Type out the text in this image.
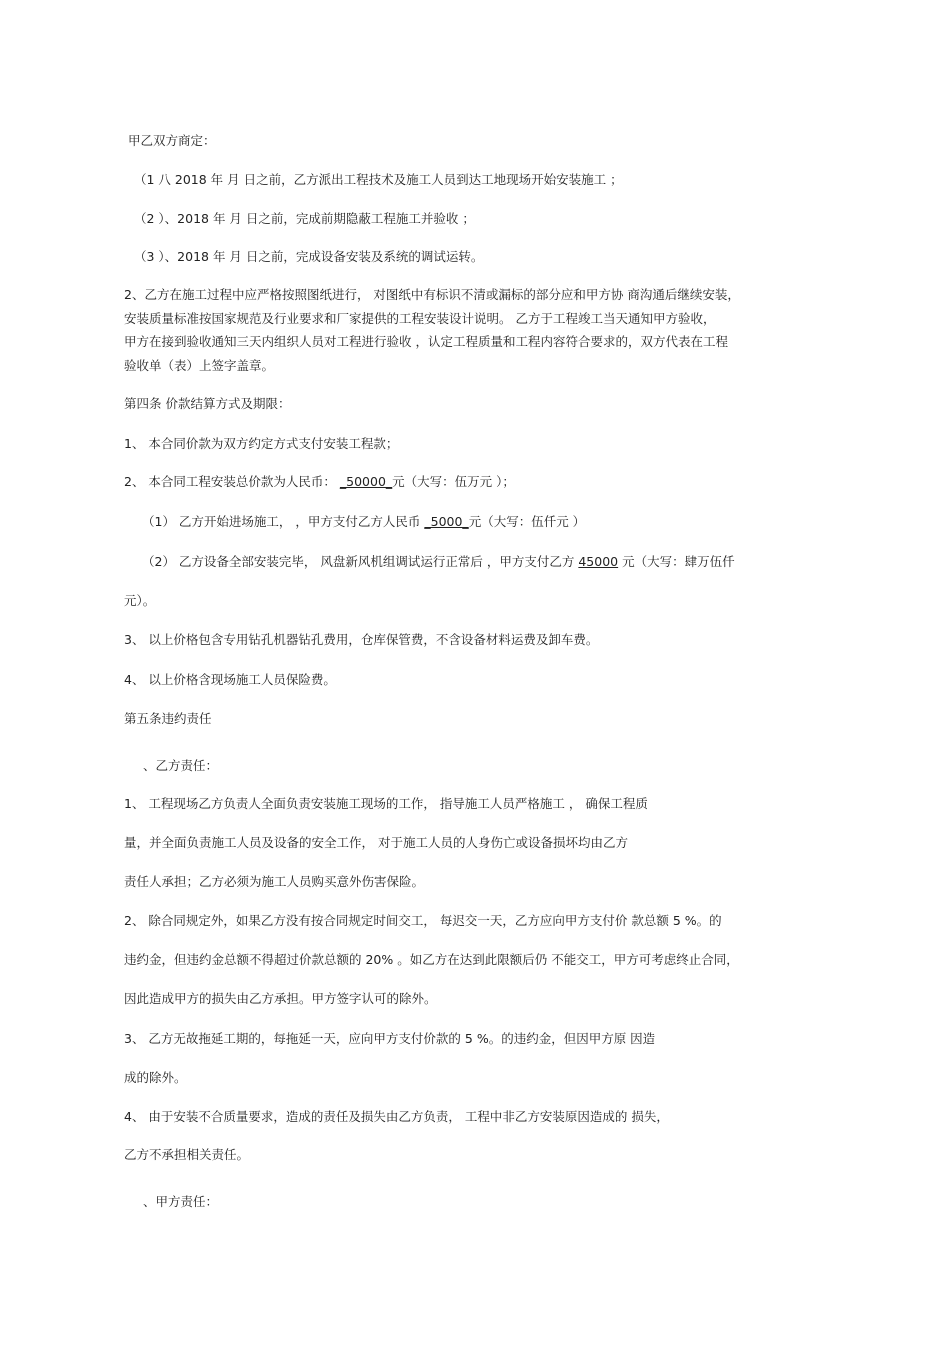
甲乙双方商定：
（1 八 2018 年 月 日之前，乙方派出工程技术及施工人员到达工地现场开始安装施工 ；
（2 ）、2018 年 月 日之前，完成前期隐蔽工程施工并验收 ；
（3 ）、2018 年 月 日之前，完成设备安装及系统的调试运转。
2、乙方在施工过程中应严格按照图纸进行， 对图纸中有标识不清或漏标的部分应和甲方协 商沟通后继续安装，
安装质量标准按国家规范及行业要求和厂家提供的工程安装设计说明。 乙方于工程竣工当天通知甲方验收，
甲方在接到验收通知三天内组织人员对工程进行验收 ，认定工程质量和工程内容符合要求的，双方代表在工程
验收单（表）上签字盖章。
第四条 价款结算方式及期限：
1、 本合同价款为双方约定方式支付安装工程款；
2、 本合同工程安装总价款为人民币： _50000_元（大写：伍万元 ）；
（1） 乙方开始进场施工， ，甲方支付乙方人民币 _5000_元（大写：伍仟元 ）
（2） 乙方设备全部安装完毕， 风盘新风机组调试运行正常后 ，甲方支付乙方 45000 元（大写：肆万伍仟
元）。
3、 以上价格包含专用钻孔机器钻孔费用，仓库保管费，不含设备材料运费及卸车费。
4、 以上价格含现场施工人员保险费。
第五条违约责任
、乙方责任：
1、 工程现场乙方负责人全面负责安装施工现场的工作， 指导施工人员严格施工 ， 确保工程质
量，并全面负责施工人员及设备的安全工作， 对于施工人员的人身伤亡或设备损坏均由乙方
责任人承担；乙方必须为施工人员购买意外伤害保险。
2、 除合同规定外，如果乙方没有按合同规定时间交工， 每迟交一天，乙方应向甲方支付价 款总额 5 %。的
违约金，但违约金总额不得超过价款总额的 20% 。如乙方在达到此限额后仍 不能交工，甲方可考虑终止合同，
因此造成甲方的损失由乙方承担。甲方签字认可的除外。
3、 乙方无故拖延工期的，每拖延一天，应向甲方支付价款的 5 %。的违约金，但因甲方原 因造
成的除外。
4、 由于安装不合质量要求，造成的责任及损失由乙方负责， 工程中非乙方安装原因造成的 损失，
乙方不承担相关责任。
、甲方责任：
